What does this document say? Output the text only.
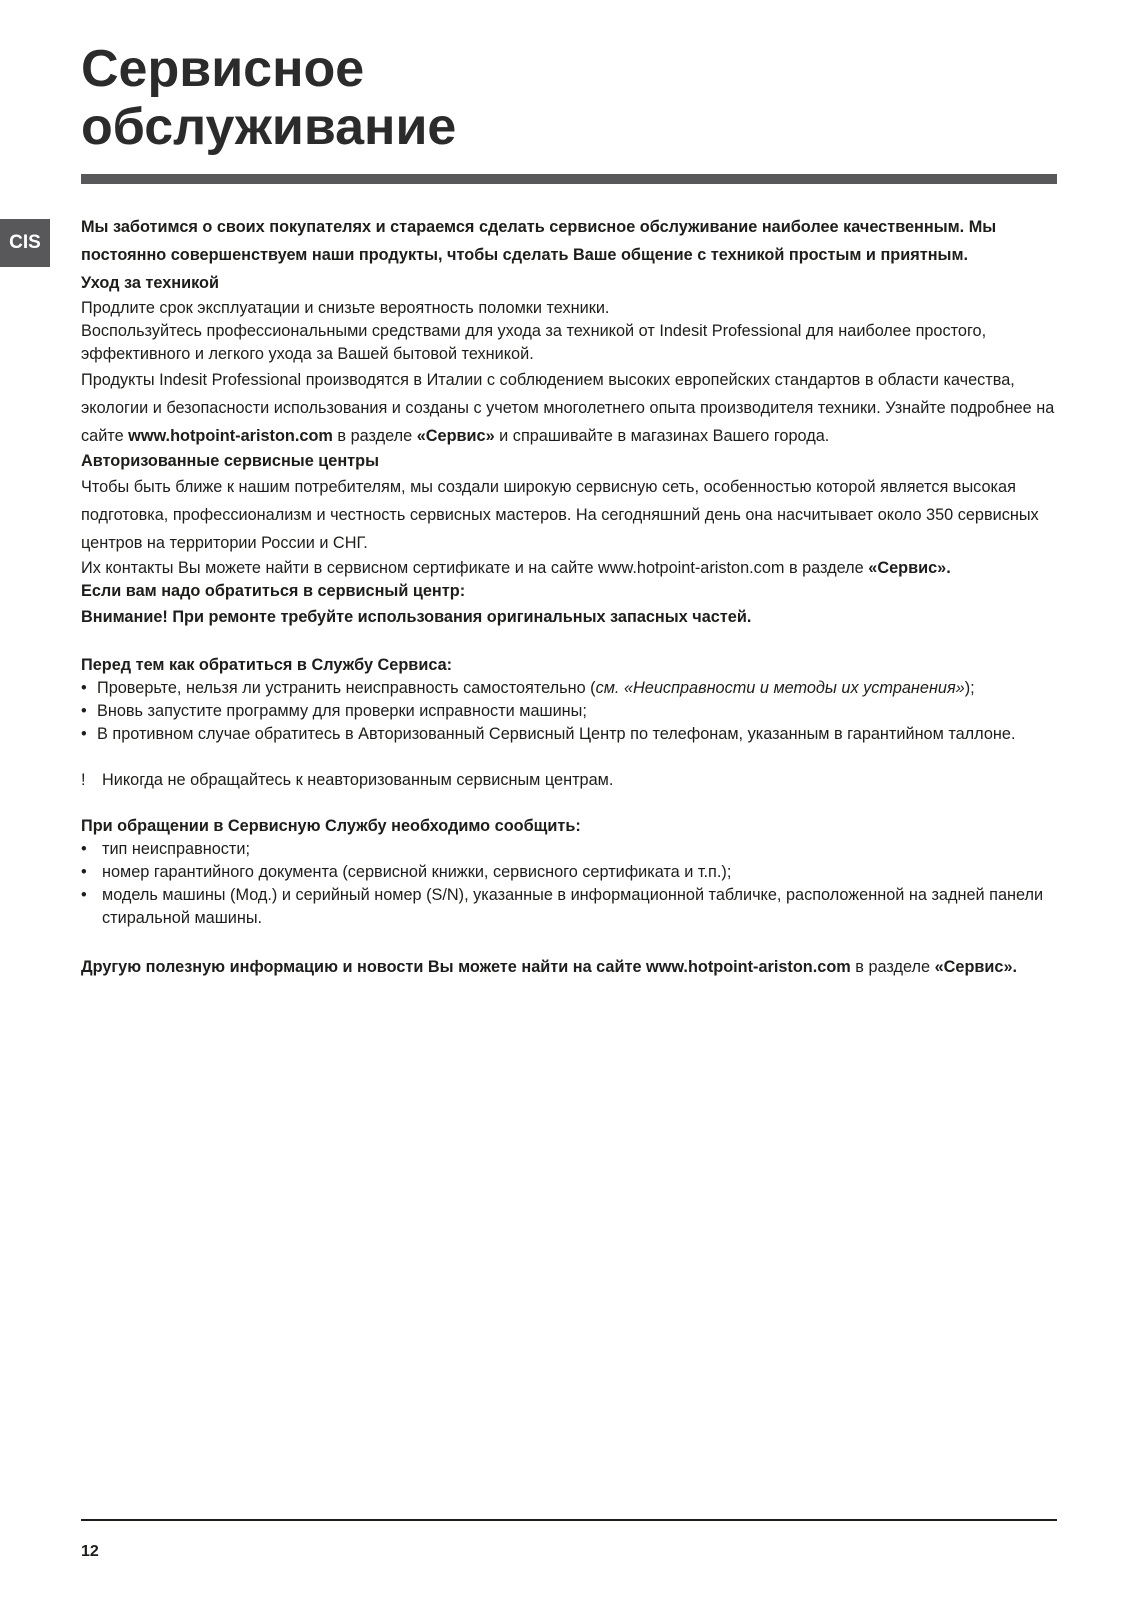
Сервисное
обслуживание
CIS

Мы заботимся о своих покупателях и стараемся сделать сервисное обслуживание наиболее качественным. Мы постоянно совершенствуем наши продукты, чтобы сделать Ваше общение с техникой простым и приятным.

Уход за техникой

Продлите срок эксплуатации и снизьте вероятность поломки техники.

Воспользуйтесь профессиональными средствами для ухода за техникой от Indesit Professional для наиболее простого, эффективного и легкого ухода за Вашей бытовой техникой.

Продукты Indesit Professional производятся в Италии с соблюдением высоких европейских стандартов в области качества, экологии и безопасности использования и созданы с учетом многолетнего опыта производителя техники. Узнайте подробнее на сайте www.hotpoint-ariston.com в разделе «Сервис» и спрашивайте в магазинах Вашего города.

Авторизованные сервисные центры

Чтобы быть ближе к нашим потребителям, мы создали широкую сервисную сеть, особенностью которой является высокая подготовка, профессионализм и честность сервисных мастеров. На сегодняшний день она насчитывает около 350 сервисных центров на территории России и СНГ.

Их контакты Вы можете найти в сервисном сертификате и на сайте www.hotpoint-ariston.com в разделе «Сервис».

Если вам надо обратиться в сервисный центр:

Внимание! При ремонте требуйте использования оригинальных запасных частей.

Перед тем как обратиться в Службу Сервиса:

• Проверьте, нельзя ли устранить неисправность самостоятельно (см. «Неисправности и методы их устранения»);
• Вновь запустите программу для проверки исправности машины;
• В противном случае обратитесь в Авторизованный Сервисный Центр по телефонам, указанным в гарантийном таллоне.

! Никогда не обращайтесь к неавторизованным сервисным центрам.

При обращении в Сервисную Службу необходимо сообщить:

• тип неисправности;
• номер гарантийного документа (сервисной книжки, сервисного сертификата и т.п.);
• модель машины (Мод.) и серийный номер (S/N), указанные в информационной табличке, расположенной на задней панели стиральной машины.

Другую полезную информацию и новости Вы можете найти на сайте www.hotpoint-ariston.com в разделе «Сервис».

12
